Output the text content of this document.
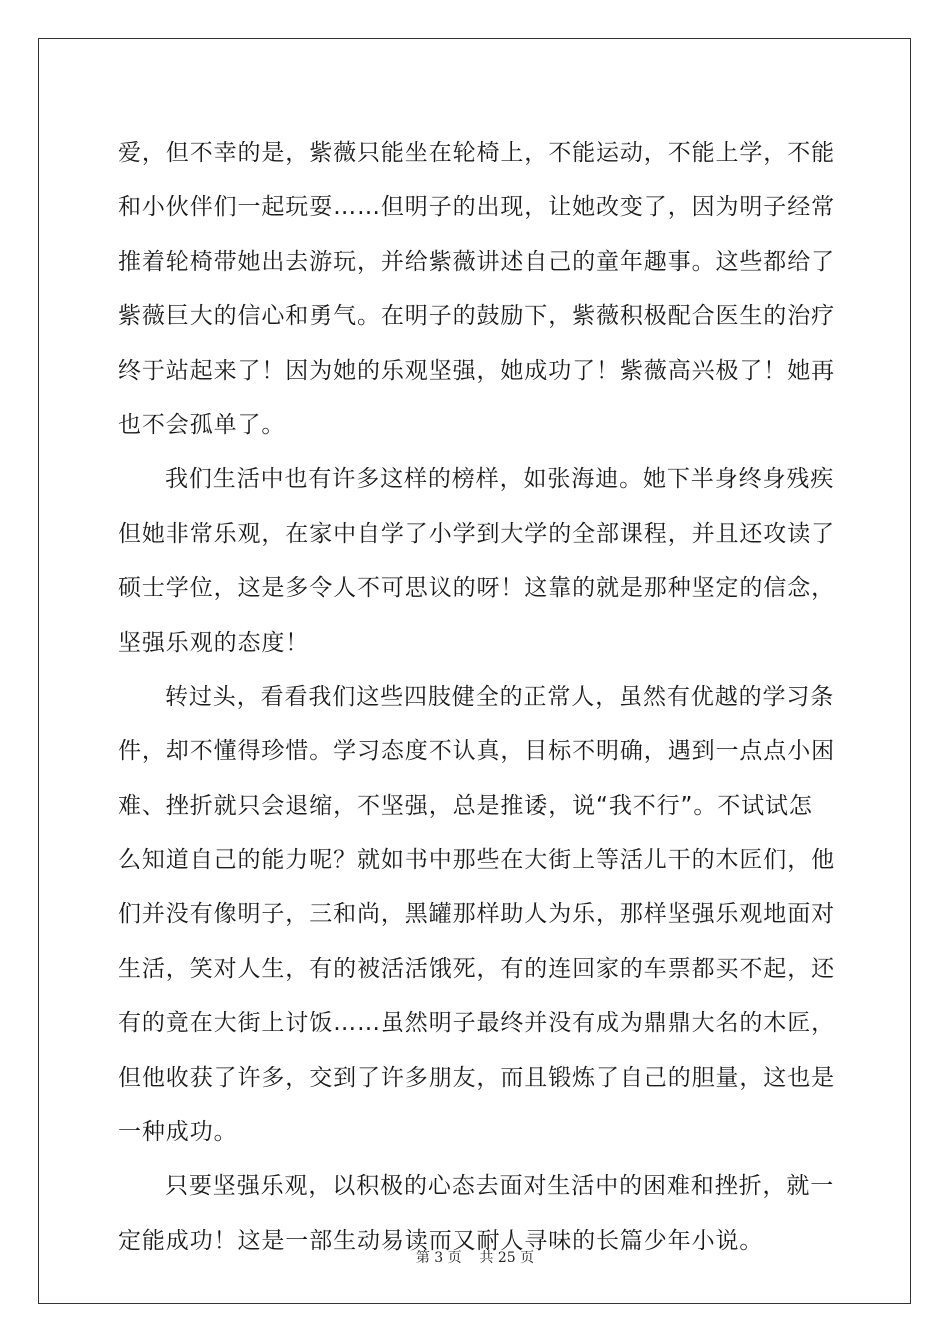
爱，但不幸的是，紫薇只能坐在轮椅上，不能运动，不能上学，不能
和小伙伴们一起玩耍……但明子的出现，让她改变了，因为明子经常
推着轮椅带她出去游玩，并给紫薇讲述自己的童年趣事。这些都给了
紫薇巨大的信心和勇气。在明子的鼓励下，紫薇积极配合医生的治疗
终于站起来了！因为她的乐观坚强，她成功了！紫薇高兴极了！她再
也不会孤单了。
我们生活中也有许多这样的榜样，如张海迪。她下半身终身残疾
但她非常乐观，在家中自学了小学到大学的全部课程，并且还攻读了
硕士学位，这是多令人不可思议的呀！这靠的就是那种坚定的信念，
坚强乐观的态度！
转过头，看看我们这些四肢健全的正常人，虽然有优越的学习条
件，却不懂得珍惜。学习态度不认真，目标不明确，遇到一点点小困
难、挫折就只会退缩，不坚强，总是推诿，说“我不行”。不试试怎
么知道自己的能力呢？就如书中那些在大街上等活儿干的木匠们，他
们并没有像明子，三和尚，黑罐那样助人为乐，那样坚强乐观地面对
生活，笑对人生，有的被活活饿死，有的连回家的车票都买不起，还
有的竟在大街上讨饭……虽然明子最终并没有成为鼎鼎大名的木匠，
但他收获了许多，交到了许多朋友，而且锻炼了自己的胆量，这也是
一种成功。
只要坚强乐观，以积极的心态去面对生活中的困难和挫折，就一
定能成功！这是一部生动易读而又耐人寻味的长篇少年小说。
第 3 页 共 25 页
